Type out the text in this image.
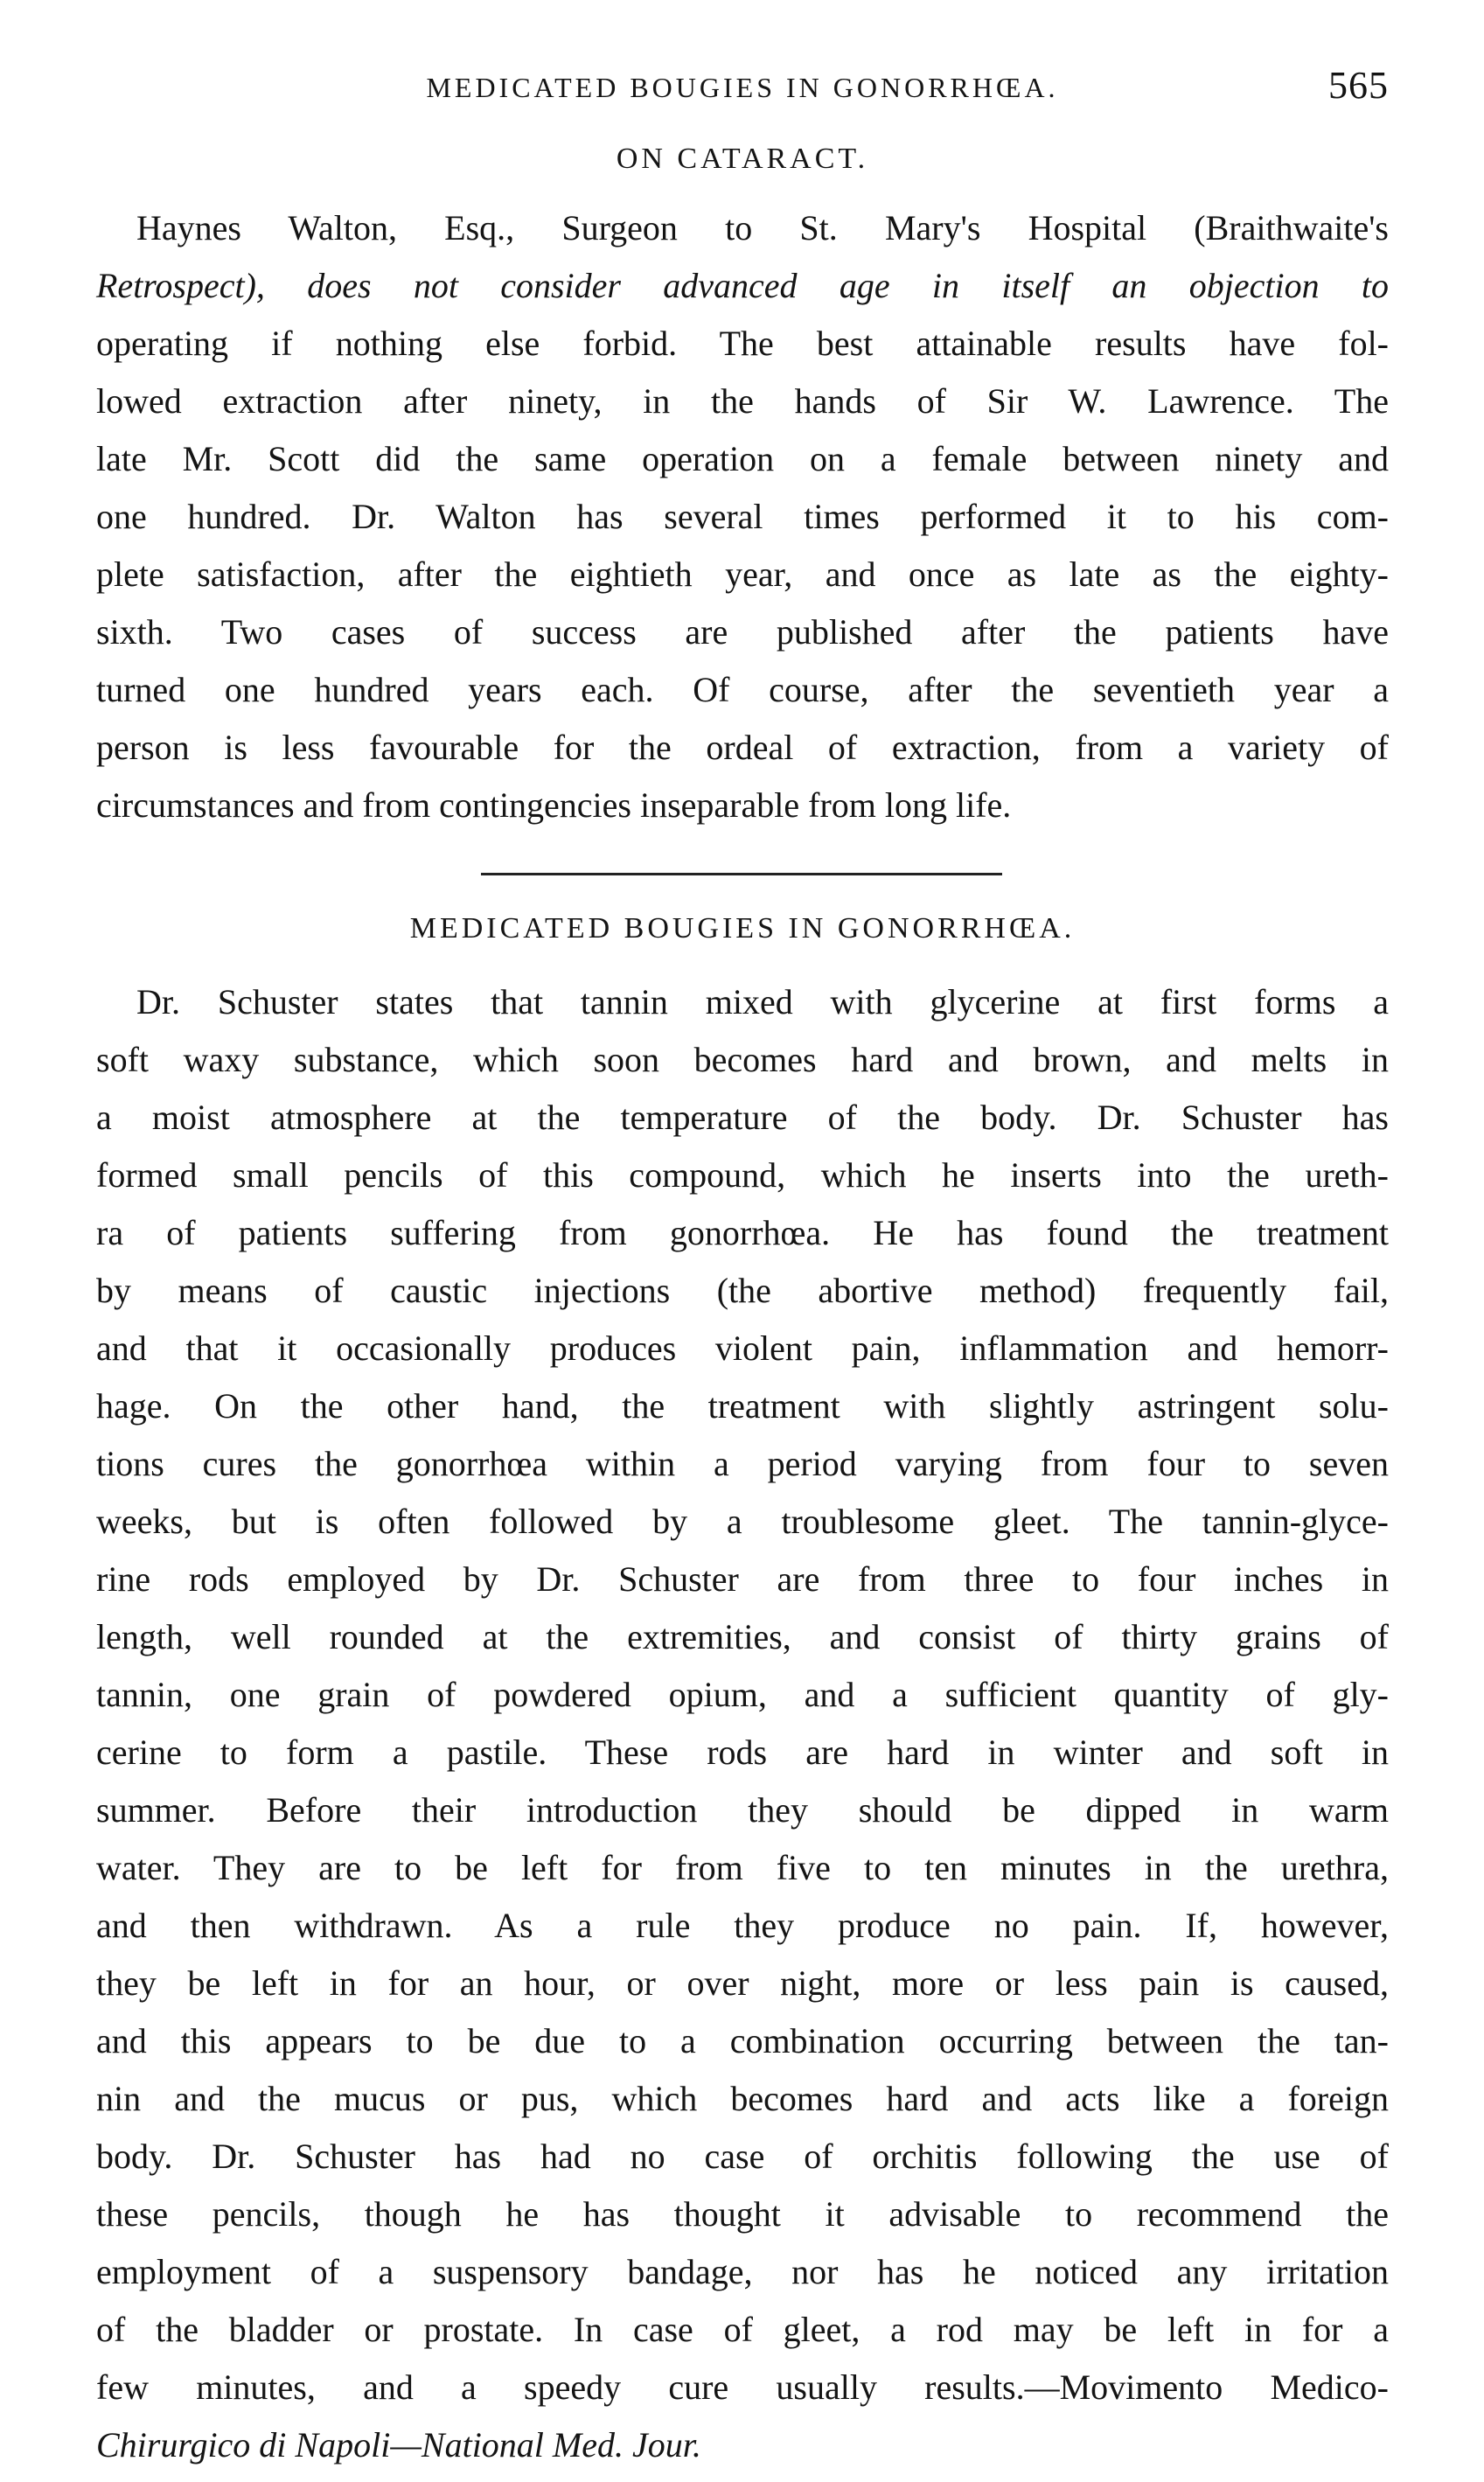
MEDICATED BOUGIES IN GONORRHŒA.	565
ON CATARACT.
Haynes Walton, Esq., Surgeon to St. Mary's Hospital (Braithwaite's
Retrospect), does not consider advanced age in itself an objection to
operating if nothing else forbid. The best attainable results have fol-
lowed extraction after ninety, in the hands of Sir W. Lawrence. The
late Mr. Scott did the same operation on a female between ninety and
one hundred. Dr. Walton has several times performed it to his com-
plete satisfaction, after the eightieth year, and once as late as the eighty-
sixth. Two cases of success are published after the patients have
turned one hundred years each. Of course, after the seventieth year a
person is less favourable for the ordeal of extraction, from a variety of
circumstances and from contingencies inseparable from long life.
MEDICATED BOUGIES IN GONORRHŒA.
Dr. Schuster states that tannin mixed with glycerine at first forms a
soft waxy substance, which soon becomes hard and brown, and melts in
a moist atmosphere at the temperature of the body. Dr. Schuster has
formed small pencils of this compound, which he inserts into the ureth-
ra of patients suffering from gonorrhœa. He has found the treatment
by means of caustic injections (the abortive method) frequently fail,
and that it occasionally produces violent pain, inflammation and hemorr-
hage. On the other hand, the treatment with slightly astringent solu-
tions cures the gonorrhœa within a period varying from four to seven
weeks, but is often followed by a troublesome gleet. The tannin-glyce-
rine rods employed by Dr. Schuster are from three to four inches in
length, well rounded at the extremities, and consist of thirty grains of
tannin, one grain of powdered opium, and a sufficient quantity of gly-
cerine to form a pastile. These rods are hard in winter and soft in
summer. Before their introduction they should be dipped in warm
water. They are to be left for from five to ten minutes in the urethra,
and then withdrawn. As a rule they produce no pain. If, however,
they be left in for an hour, or over night, more or less pain is caused,
and this appears to be due to a combination occurring between the tan-
nin and the mucus or pus, which becomes hard and acts like a foreign
body. Dr. Schuster has had no case of orchitis following the use of
these pencils, though he has thought it advisable to recommend the
employment of a suspensory bandage, nor has he noticed any irritation
of the bladder or prostate. In case of gleet, a rod may be left in for a
few minutes, and a speedy cure usually results.—Movimento Medico-
Chirurgico di Napoli—National Med. Jour.
